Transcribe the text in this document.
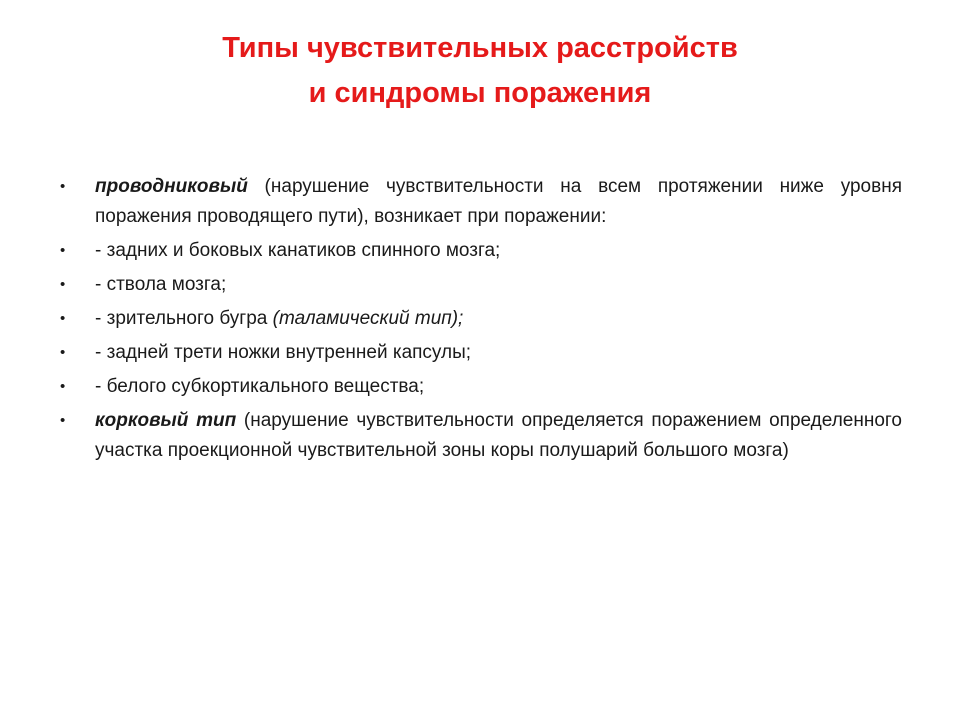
Типы чувствительных расстройств
и синдромы поражения
•	проводниковый (нарушение чувствительности на всем протяжении ниже уровня поражения проводящего пути), возникает при поражении:
•	- задних и боковых канатиков спинного мозга;
•	- ствола мозга;
•	- зрительного бугра (таламический тип);
•	- задней трети ножки внутренней капсулы;
•	- белого субкортикального вещества;
•	корковый тип (нарушение чувствительности определяется поражением определенного участка проекционной чувствительной зоны коры полушарий большого мозга)
